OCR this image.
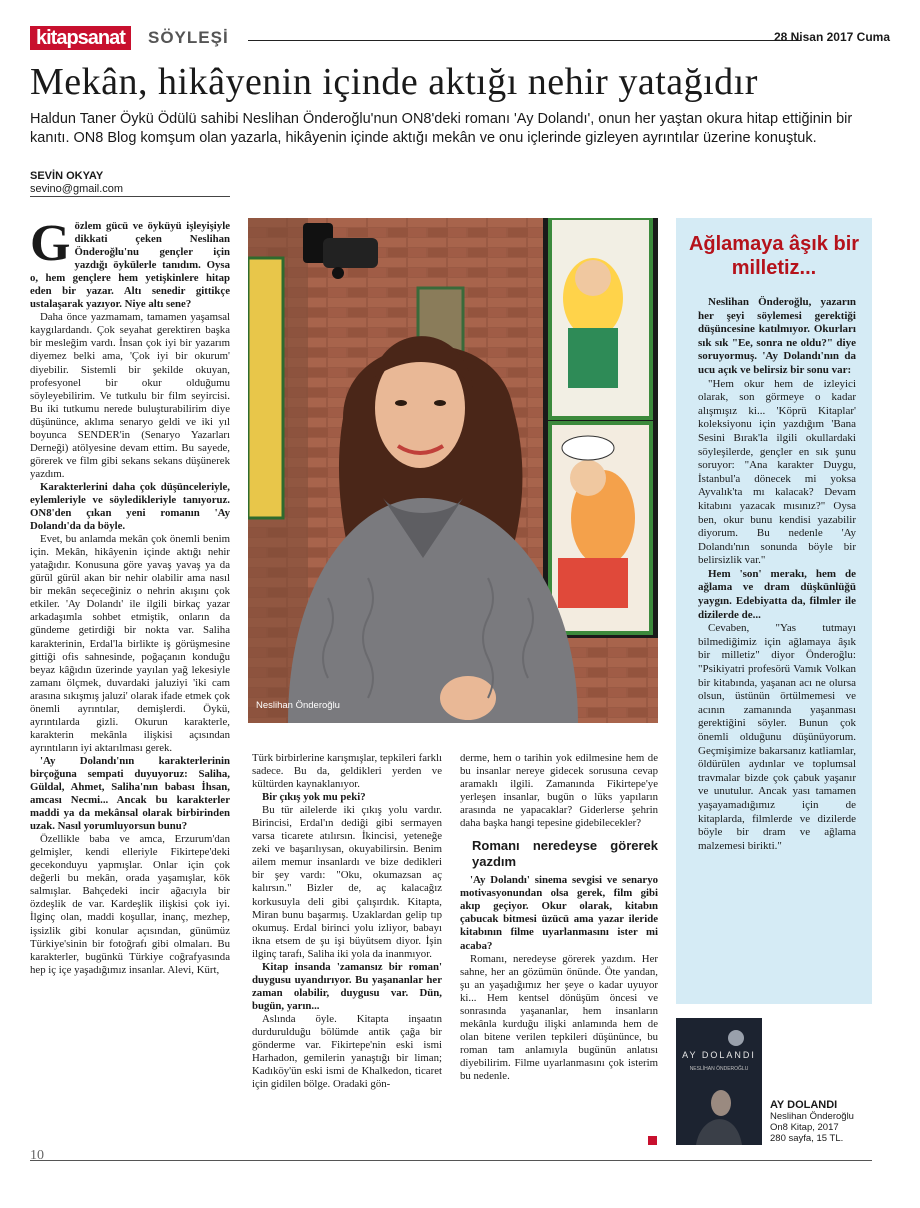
kitapsanat	SÖYLEŞİ	28 Nisan 2017 Cuma
Mekân, hikâyenin içinde aktığı nehir yatağıdır
Haldun Taner Öykü Ödülü sahibi Neslihan Önderoğlu'nun ON8'deki romanı 'Ay Dolandı', onun her yaştan okura hitap ettiğinin bir kanıtı. ON8 Blog komşum olan yazarla, hikâyenin içinde aktığı mekân ve onu içlerinde gizleyen ayrıntılar üzerine konuştuk.
SEVİN OKYAY
sevino@gmail.com

Gözlem gücü ve öyküyü işleyişiyle dikkati çeken Neslihan Önderoğlu'nu gençler için yazdığı öykülerle tanıdım. Oysa o, hem gençlere hem yetişkinlere hitap eden bir yazar. Altı senedir gittikçe ustalaşarak yazıyor. Niye altı sene?

Daha önce yazmamam, tamamen yaşamsal kaygılardandı. Çok seyahat gerektiren başka bir mesleğim vardı. İnsan çok iyi bir yazarım diyemez belki ama, 'Çok iyi bir okurum' diyebilir. Sistemli bir şekilde okuyan, profesyonel bir okur olduğumu söyleyebilirim. Ve tutkulu bir film seyircisi. Bu iki tutkumu nerede buluşturabilirim diye düşününce, aklıma senaryo geldi ve iki yıl boyunca SENDER'in (Senaryo Yazarları Derneği) atölyesine devam ettim. Bu sayede, görerek ve film gibi sekans sekans düşünerek yazdım.

Karakterlerini daha çok düşünceleriyle, eylemleriyle ve söyledikleriyle tanıyoruz. ON8'den çıkan yeni romanın 'Ay Dolandı'da da böyle.

Evet, bu anlamda mekân çok önemli benim için. Mekân, hikâyenin içinde aktığı nehir yatağıdır. Konusuna göre yavaş yavaş ya da gürül gürül akan bir nehir olabilir ama nasıl bir mekân seçeceğiniz o nehrin akışını çok etkiler. 'Ay Dolandı' ile ilgili birkaç yazar arkadaşımla sohbet etmiştik, onların da gündeme getirdiği bir nokta var. Saliha karakterinin, Erdal'la birlikte iş görüşmesine gittiği ofis sahnesinde, poğaçanın konduğu beyaz kâğıdın üzerinde yayılan yağ lekesiyle zamanı ölçmek, duvardaki jaluziyi 'iki cam arasına sıkışmış jaluzi' olarak ifade etmek çok önemli ayrıntılar, demişlerdi. Öykü, ayrıntılarda gizli. Okurun karakterle, karakterin mekânla ilişkisi açısından ayrıntıların iyi aktarılması gerek.

'Ay Dolandı'nın karakterlerinin birçoğuna sempati duyuyoruz: Saliha, Güldal, Ahmet, Saliha'nın babası İhsan, amcası Necmi... Ancak bu karakterler maddi ya da mekânsal olarak birbirinden uzak. Nasıl yorumluyorsun bunu?

Özellikle baba ve amca, Erzurum'dan gelmişler, kendi elleriyle Fikirtepe'deki gecekonduyu yapmışlar. Onlar için çok değerli bu mekân, orada yaşamışlar, kök salmışlar. Bahçedeki incir ağacıyla bir özdeşlik de var. Kardeşlik ilişkisi çok iyi. İlginç olan, maddi koşullar, inanç, mezhep, işsizlik gibi konular açısından, günümüz Türkiye'sinin bir fotoğrafı gibi olmaları. Bu karakterler, bugünkü Türkiye coğrafyasında hep iç içe yaşadığımız insanlar. Alevi, Kürt,

Neslihan Önderoğlu

Türk birbirlerine karışmışlar, tepkileri farklı sadece. Bu da, geldikleri yerden ve kültürden kaynaklanıyor.

Bir çıkış yok mu peki?

Bu tür ailelerde iki çıkış yolu vardır. Birincisi, Erdal'ın dediği gibi sermayen varsa ticarete atılırsın. İkincisi, yeteneğe zeki ve başarılıysan, okuyabilirsin. Benim ailem memur insanlardı ve bize dedikleri bir şey vardı: "Oku, okumazsan aç kalırsın." Bizler de, aç kalacağız korkusuyla deli gibi çalışırdık. Kitapta, Miran bunu başarmış. Uzaklardan gelip tıp okumuş. Erdal birinci yolu izliyor, babayı ikna etsem de şu işi büyütsem diyor. İşin ilginç tarafı, Saliha iki yola da inanmıyor.

Kitap insanda 'zamansız bir roman' duygusu uyandırıyor. Bu yaşananlar her zaman olabilir, duygusu var. Dün, bugün, yarın...

Aslında öyle. Kitapta inşaatın durdurulduğu bölümde antik çağa bir gönderme var. Fikirtepe'nin eski ismi Harhadon, gemilerin yanaştığı bir liman; Kadıköy'ün eski ismi de Khalkedon, ticaret için gidilen bölge. Oradaki gön-

derme, hem o tarihin yok edilmesine hem de bu insanlar nereye gidecek sorusuna cevap aramaklı ilgili. Zamanında Fikirtepe'ye yerleşen insanlar, bugün o lüks yapıların arasında ne yapacaklar? Giderlerse şehrin daha başka hangi tepesine gidebilecekler?

Romanı neredeyse görerek yazdım

'Ay Dolandı' sinema sevgisi ve senaryo motivasyonundan olsa gerek, film gibi akıp geçiyor. Okur olarak, kitabın çabucak bitmesi üzücü ama yazar ileride kitabının filme uyarlanmasını ister mi acaba?

Romanı, neredeyse görerek yazdım. Her sahne, her an gözümün önünde. Öte yandan, şu an yaşadığımız her şeye o kadar uyuyor ki... Hem kentsel dönüşüm öncesi ve sonrasında yaşananlar, hem insanların mekânla kurduğu ilişki anlamında hem de olan bitene verilen tepkileri düşününce, bu roman tam anlamıyla bugünün anlatısı diyebilirim. Filme uyarlanmasını çok isterim bu nedenle.

Ağlamaya âşık bir milletiz...

Neslihan Önderoğlu, yazarın her şeyi söylemesi gerektiği düşüncesine katılmıyor. Okurları sık sık "Ee, sonra ne oldu?" diye soruyormuş. 'Ay Dolandı'nın da ucu açık ve belirsiz bir sonu var:

"Hem okur hem de izleyici olarak, son görmeye o kadar alışmışız ki... 'Köprü Kitaplar' koleksiyonu için yazdığım 'Bana Sesini Bırak'la ilgili okullardaki söyleşilerde, gençler en sık şunu soruyor: "Ana karakter Duygu, İstanbul'a dönecek mi yoksa Ayvalık'ta mı kalacak? Devam kitabını yazacak mısınız?" Oysa ben, okur bunu kendisi yazabilir diyorum. Bu nedenle 'Ay Dolandı'nın sonunda böyle bir belirsizlik var."

Hem 'son' merakı, hem de ağlama ve dram düşkünlüğü yaygın. Edebiyatta da, filmler ile dizilerde de...

Cevaben, "Yas tutmayı bilmediğimiz için ağlamaya âşık bir milletiz" diyor Önderoğlu: "Psikiyatri profesörü Vamık Volkan bir kitabında, yaşanan acı ne olursa olsun, üstünün örtülmemesi ve acının zamanında yaşanması gerektiğini söyler. Bunun çok önemli olduğunu düşünüyorum. Geçmişimize bakarsanız katliamlar, öldürülen aydınlar ve toplumsal travmalar bizde çok çabuk yaşanır ve unutulur. Ancak yası tamamen yaşayamadığımız için de kitaplarda, filmlerde ve dizilerde böyle bir dram ve ağlama malzemesi birikti."

AY DOLANDI
NESLİHAN ÖNDEROĞLU
AY DOLANDI
Neslihan Önderoğlu
On8 Kitap, 2017
280 sayfa, 15 TL.
10
